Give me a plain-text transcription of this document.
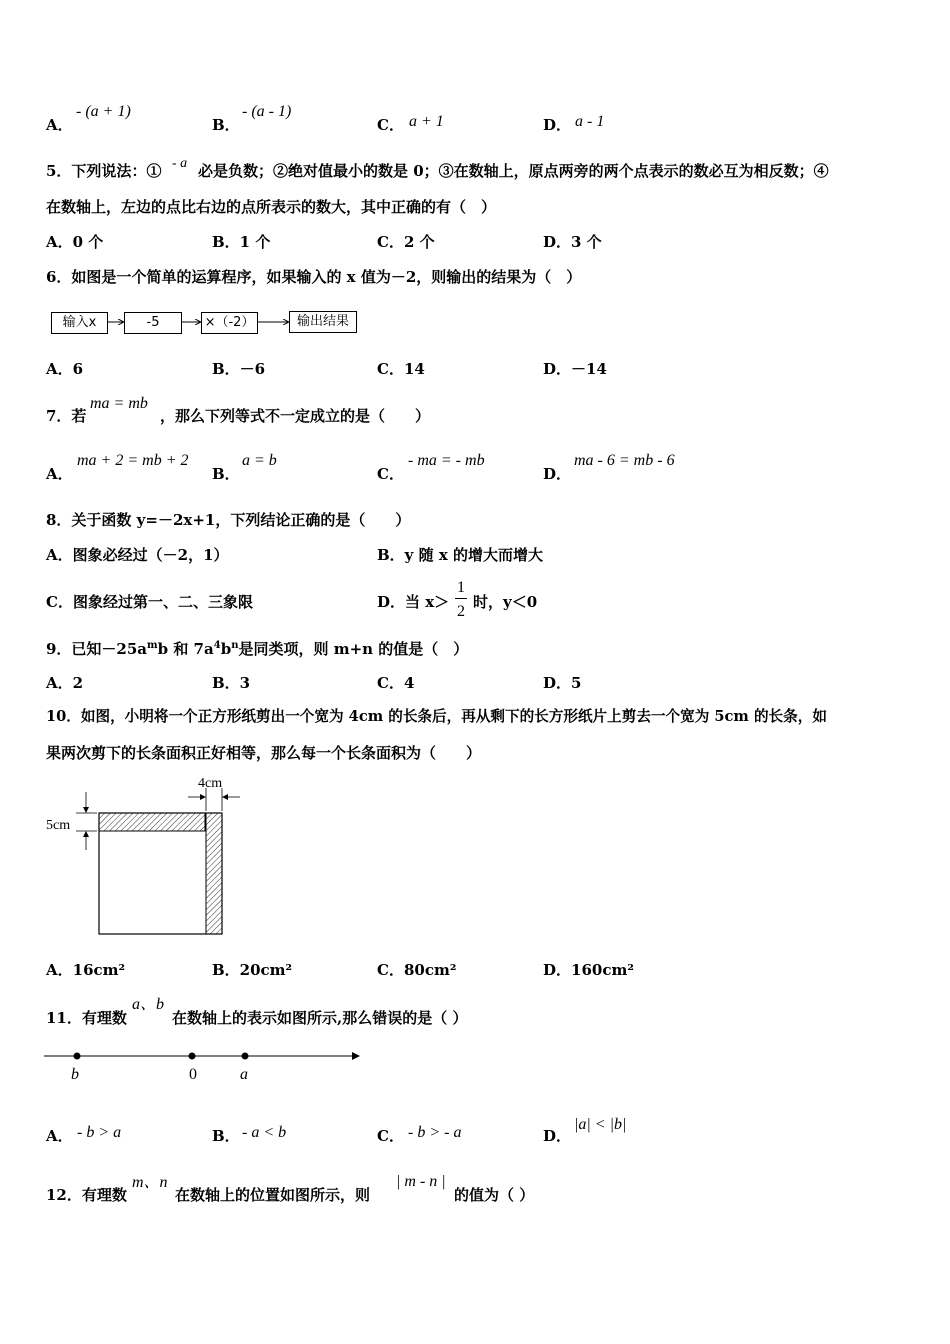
A．
- (a + 1)
B．
- (a - 1)
C． a + 1	D． a - 1
5．下列说法：① - a 必是负数；②绝对值最小的数是 0；③在数轴上，原点两旁的两个点表示的数必互为相反数；④
在数轴上，左边的点比右边的点所表示的数大，其中正确的有（　）
A．0 个	B．1 个	C．2 个	D．3 个
6．如图是一个简单的运算程序，如果输入的 x 值为－2，则输出的结果为（　）
输入x	-5	×（-2）	输出结果
A．6	B．－6	C．14	D．－14
7．若
ma = mb
，那么下列等式不一定成立的是（　　）
A．
ma + 2 = mb + 2
B．
a = b
C．
- ma = - mb
D．
ma - 6 = mb - 6
8．关于函数 y=－2x+1，下列结论正确的是（　　）
A．图象必经过（－2，1）	B．y 随 x 的增大而增大
C．图象经过第一、二、三象限	D．当 x＞
1
2
时，y＜0
9．已知$-25a^mb$ 和 $7a^4b^n$是同类项，则 m+n 的值是（　）
A．2	B．3	C．4	D．5
10．如图，小明将一个正方形纸剪出一个宽为 4cm 的长条后，再从剩下的长方形纸片上剪去一个宽为 5cm 的长条，如
果两次剪下的长条面积正好相等，那么每一个长条面积为（　　）
4cm
5cm
A．16cm²	B．20cm²	C．80cm²	D．160cm²
11．有理数
a、b
在数轴上的表示如图所示,那么错误的是（ ）
b	0	a
A． - b > a	B． - a < b	C． - b > - a	D．
|a| < |b|
12．有理数
m、n
在数轴上的位置如图所示，则
| m - n |
的值为（ ）
